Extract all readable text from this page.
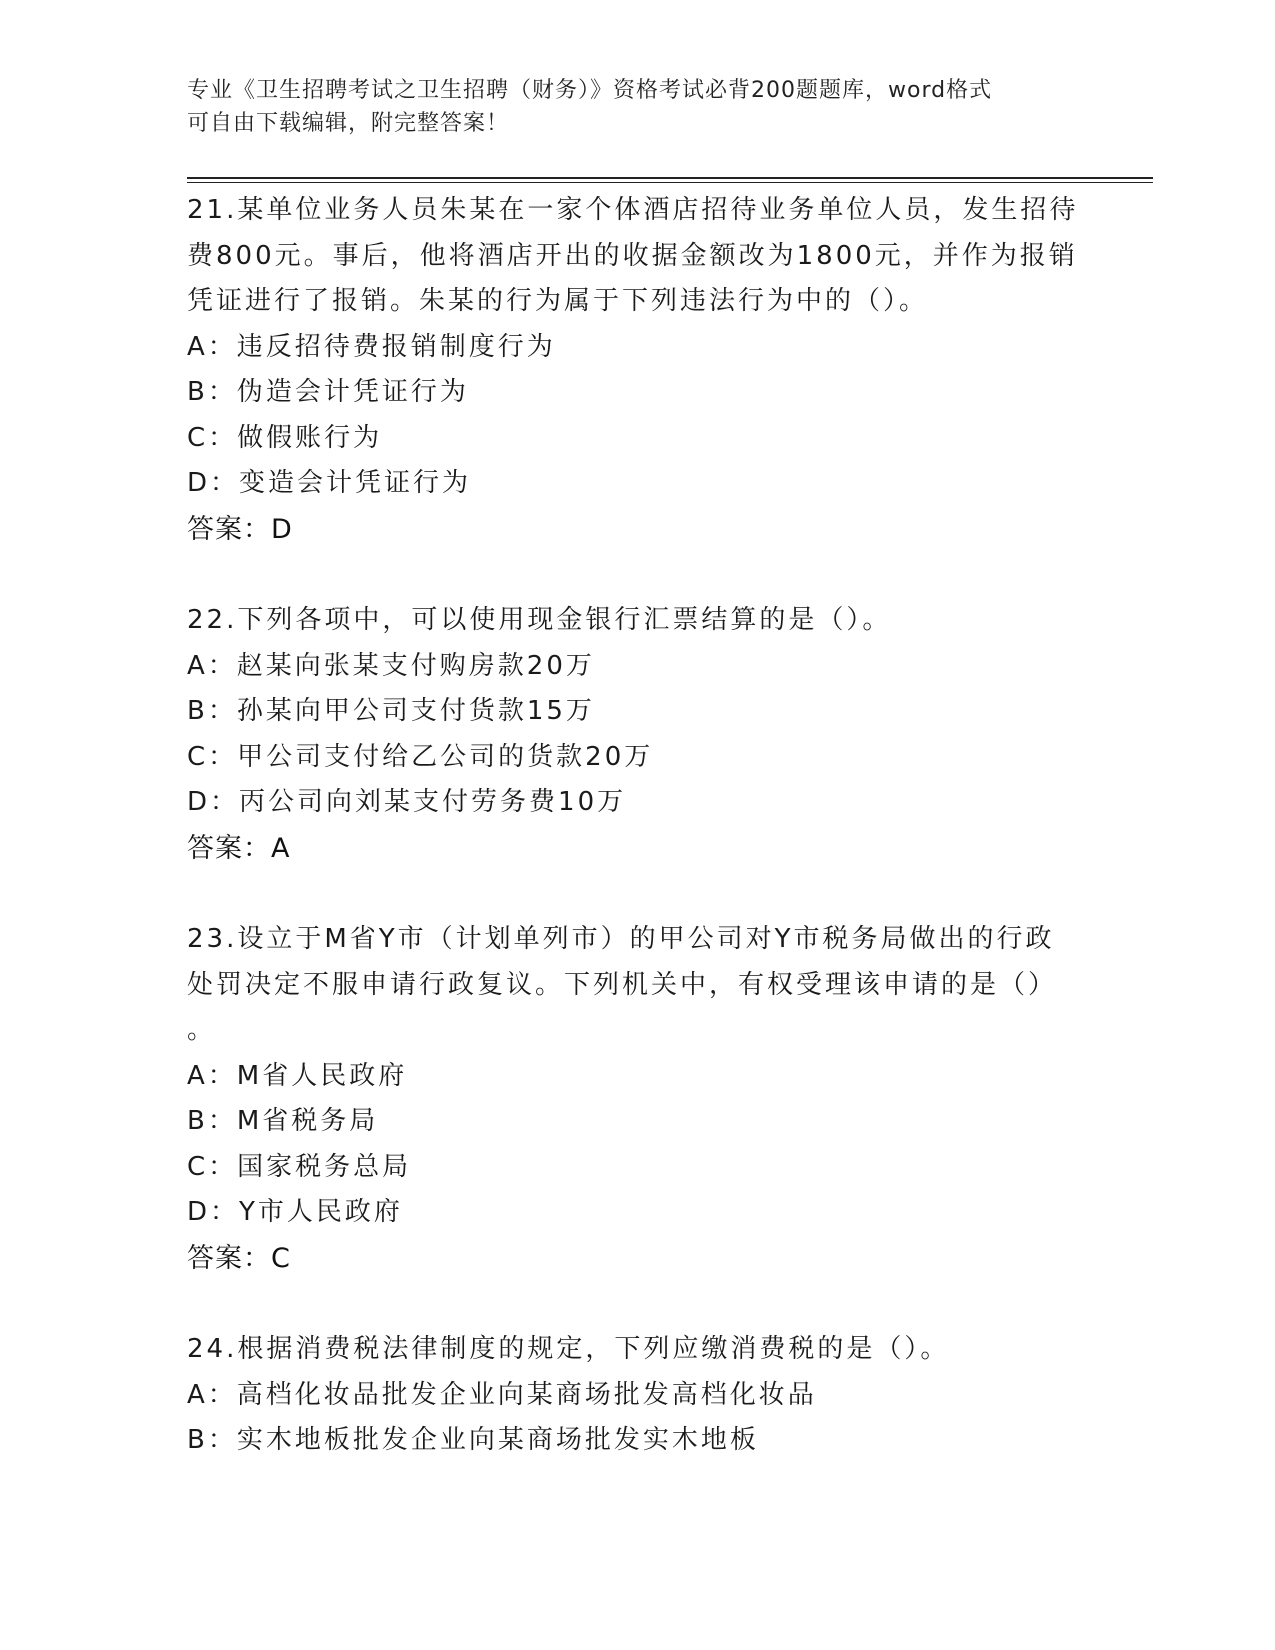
专业《卫生招聘考试之卫生招聘（财务）》资格考试必背200题题库，word格式
可自由下载编辑，附完整答案！
21.某单位业务人员朱某在一家个体酒店招待业务单位人员，发生招待
费800元。事后，他将酒店开出的收据金额改为1800元，并作为报销
凭证进行了报销。朱某的行为属于下列违法行为中的（）。
A：违反招待费报销制度行为
B：伪造会计凭证行为
C：做假账行为
D：变造会计凭证行为
答案：D
22.下列各项中，可以使用现金银行汇票结算的是（）。
A：赵某向张某支付购房款20万
B：孙某向甲公司支付货款15万
C：甲公司支付给乙公司的货款20万
D：丙公司向刘某支付劳务费10万
答案：A
23.设立于M省Y市（计划单列市）的甲公司对Y市税务局做出的行政
处罚决定不服申请行政复议。下列机关中，有权受理该申请的是（）
。
A：M省人民政府
B：M省税务局
C：国家税务总局
D：Y市人民政府
答案：C
24.根据消费税法律制度的规定，下列应缴消费税的是（）。
A：高档化妆品批发企业向某商场批发高档化妆品
B：实木地板批发企业向某商场批发实木地板
